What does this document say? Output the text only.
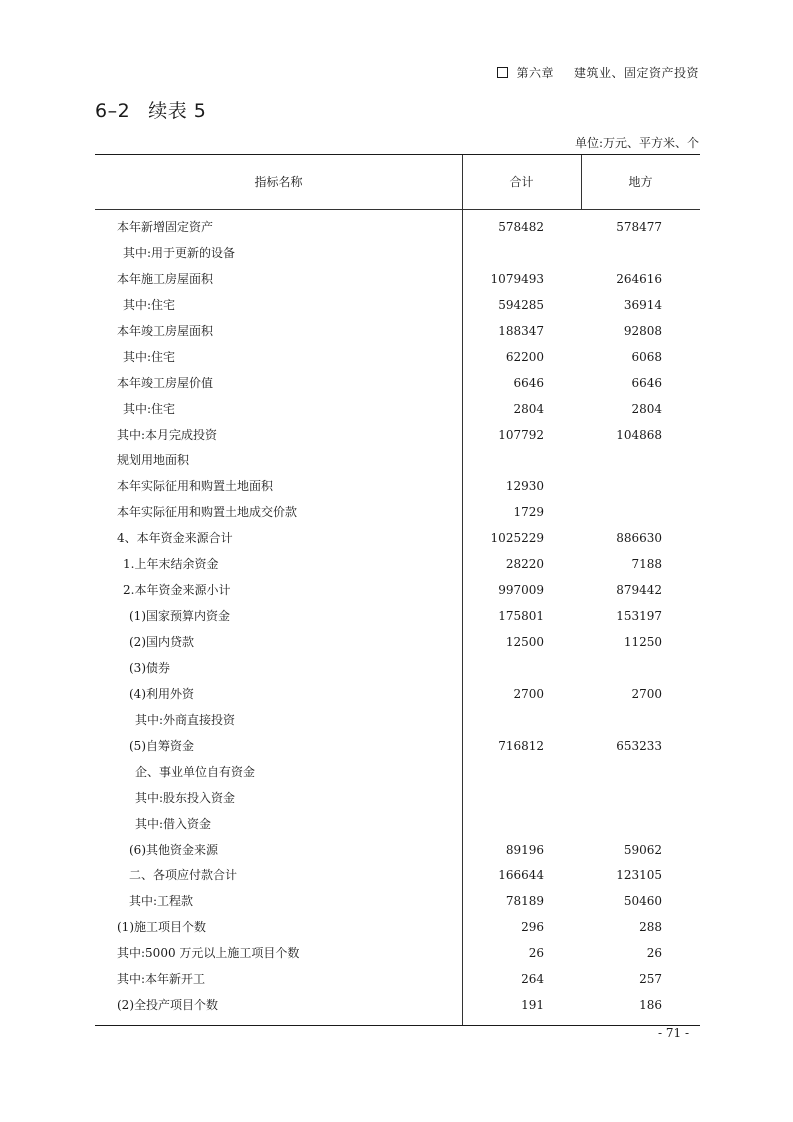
第六章 建筑业、固定资产投资
6–2 续表 5
单位:万元、平方米、个
指标名称	合计	地方
本年新增固定资产	578482	578477
其中:用于更新的设备
本年施工房屋面积	1079493	264616
其中:住宅	594285	36914
本年竣工房屋面积	188347	92808
其中:住宅	62200	6068
本年竣工房屋价值	6646	6646
其中:住宅	2804	2804
其中:本月完成投资	107792	104868
规划用地面积
本年实际征用和购置土地面积	12930
本年实际征用和购置土地成交价款	1729
4、本年资金来源合计	1025229	886630
1.上年末结余资金	28220	7188
2.本年资金来源小计	997009	879442
(1)国家预算内资金	175801	153197
(2)国内贷款	12500	11250
(3)债券
(4)利用外资	2700	2700
其中:外商直接投资
(5)自筹资金	716812	653233
企、事业单位自有资金
其中:股东投入资金
其中:借入资金
(6)其他资金来源	89196	59062
二、各项应付款合计	166644	123105
其中:工程款	78189	50460
(1)施工项目个数	296	288
其中:5000 万元以上施工项目个数	26	26
其中:本年新开工	264	257
(2)全投产项目个数	191	186
- 71 -
